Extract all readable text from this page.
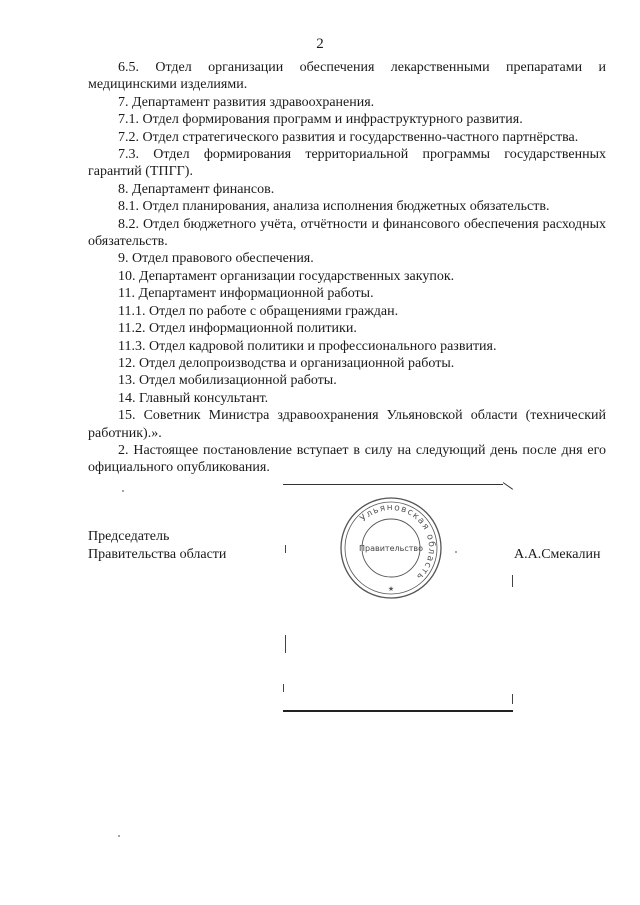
2

6.5. Отдел организации обеспечения лекарственными препаратами и медицинскими изделиями.

7. Департамент развития здравоохранения.

7.1. Отдел формирования программ и инфраструктурного развития.

7.2. Отдел стратегического развития и государственно-частного партнёрства.

7.3. Отдел формирования территориальной программы государственных гарантий (ТПГГ).

8. Департамент финансов.

8.1. Отдел планирования, анализа исполнения бюджетных обязательств.

8.2. Отдел бюджетного учёта, отчётности и финансового обеспечения расходных обязательств.

9. Отдел правового обеспечения.

10. Департамент организации государственных закупок.

11. Департамент информационной работы.

11.1. Отдел по работе с обращениями граждан.

11.2. Отдел информационной политики.

11.3. Отдел кадровой политики и профессионального развития.

12. Отдел делопроизводства и организационной работы.

13. Отдел мобилизационной работы.

14. Главный консультант.

15. Советник Министра здравоохранения Ульяновской области (технический работник).».

2. Настоящее постановление вступает в силу на следующий день после дня его официального опубликования.

Председатель
Правительства области	А.А.Смекалин
Ульяновская область
Правительство
★
